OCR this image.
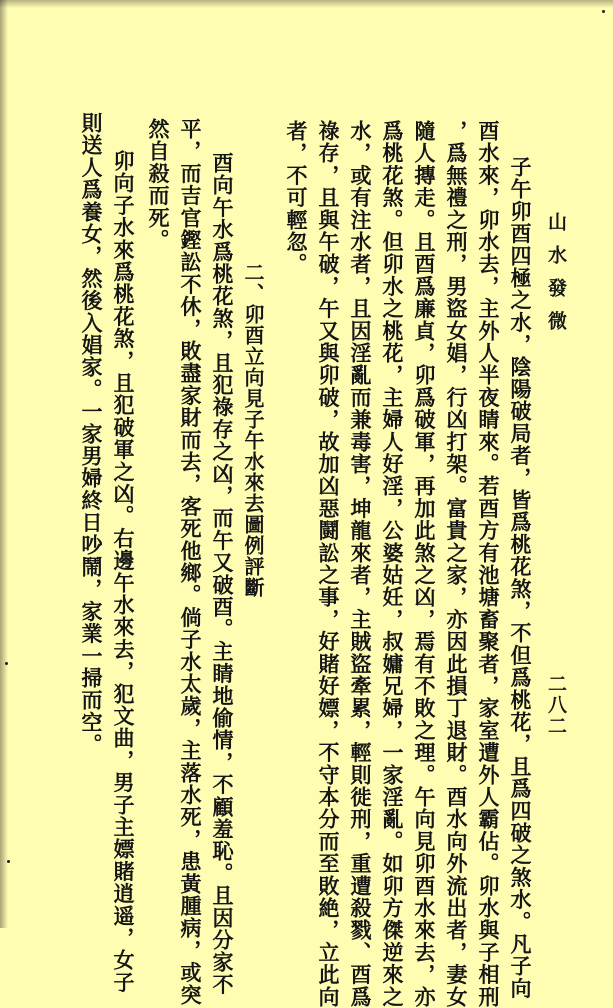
山水發微
二八二
子午卯酉四極之水，陰陽破局者，皆爲桃花煞，不但爲桃花，且爲四破之煞水。凡子向
酉水來，卯水去，主外人半夜睛來。若酉方有池塘畜聚者，家室遭外人霸佔。卯水與子相刑
，爲無禮之刑，男盜女娼，行凶打架。富貴之家，亦因此損丁退財。酉水向外流出者，妻女
隨人摶走。且酉爲廉貞，卯爲破軍，再加此煞之凶，焉有不敗之理。午向見卯酉水來去，亦
爲桃花煞。但卯水之桃花，主婦人好淫，公婆姑妊，叔嫞兄婦，一家淫亂。如卯方傑逆來之
水，或有注水者，且因淫亂而兼毒害，坤龍來者，主賊盜牽累，輕則徙刑，重遭殺戮、酉爲
祿存，且與午破，午又與卯破，故加凶惡鬪訟之事，好賭好嫖，不守本分而至敗絶，立此向
者，不可輕忽。
二、卯酉立向見子午水來去圖例評斷
酉向午水爲桃花煞，且犯祿存之凶，而午又破酉。主睛地偷情，不顧羞恥。且因分家不
平，而吉官鏗訟不休，敗盡家財而去，客死他鄉。倘子水太歲，主落水死，患黃腫病，或突
然自殺而死。
卯向子水來爲桃花煞，且犯破軍之凶。右邊午水來去，犯文曲，男子主嫖賭逍遥，女子
則送人爲養女，然後入娼家。一家男婦終日吵鬧，家業一掃而空。
